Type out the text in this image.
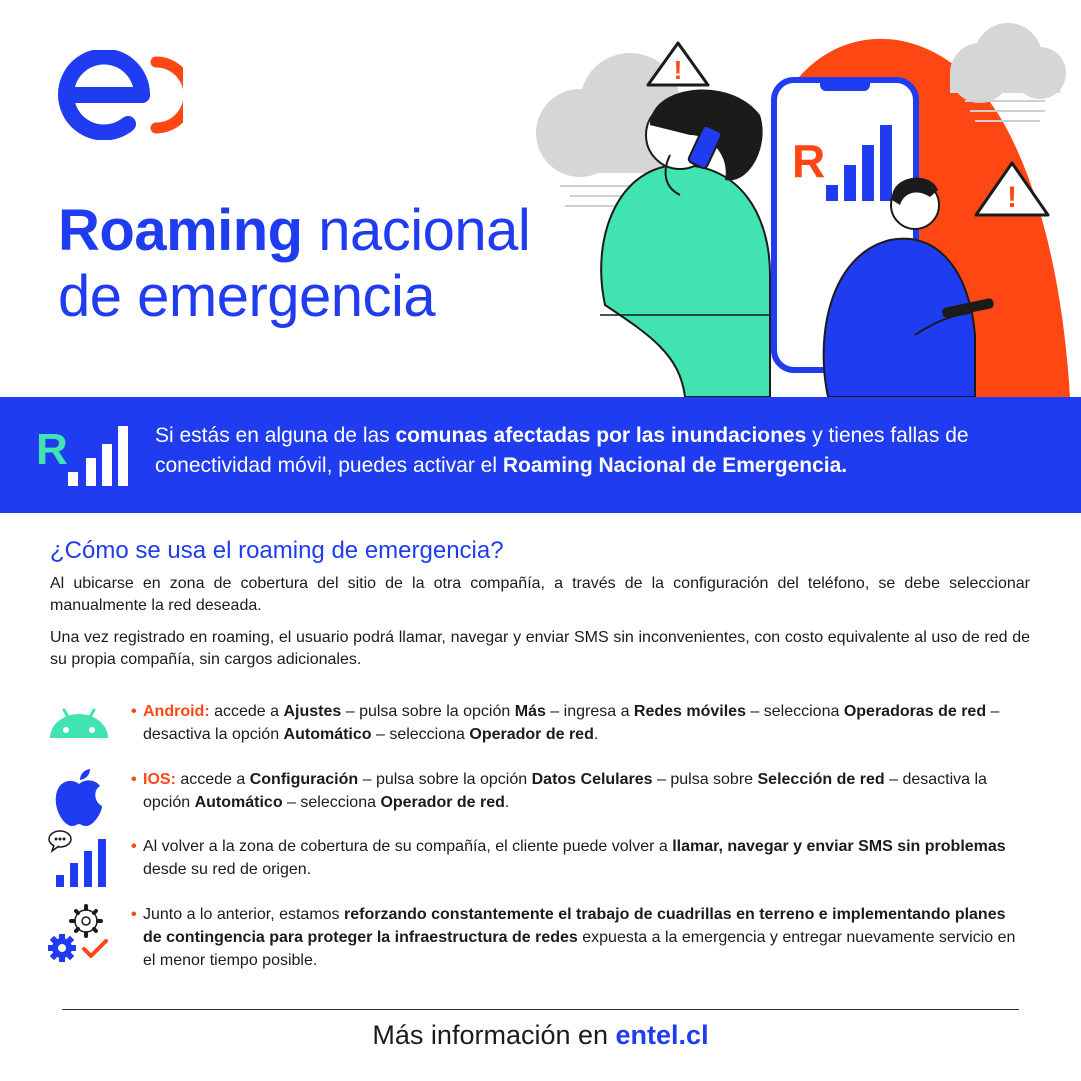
Roaming nacional
de emergencia
!
!
R
R	Si estás en alguna de las comunas afectadas por las inundaciones y tienes fallas de conectividad móvil, puedes activar el Roaming Nacional de Emergencia.
¿Cómo se usa el roaming de emergencia?
Al ubicarse en zona de cobertura del sitio de la otra compañía, a través de la configuración del teléfono, se debe seleccionar manualmente la red deseada.
Una vez registrado en roaming, el usuario podrá llamar, navegar y enviar SMS sin inconvenientes, con costo equivalente al uso de red de su propia compañía, sin cargos adicionales.
• Android: accede a Ajustes – pulsa sobre la opción Más – ingresa a Redes móviles – selecciona Operadoras de red – desactiva la opción Automático – selecciona Operador de red.
• IOS: accede a Configuración – pulsa sobre la opción Datos Celulares – pulsa sobre Selección de red – desactiva la opción Automático – selecciona Operador de red.
• Al volver a la zona de cobertura de su compañía, el cliente puede volver a llamar, navegar y enviar SMS sin problemas desde su red de origen.
• Junto a lo anterior, estamos reforzando constantemente el trabajo de cuadrillas en terreno e implementando planes de contingencia para proteger la infraestructura de redes expuesta a la emergencia y entregar nuevamente servicio en el menor tiempo posible.
Más información en entel.cl
